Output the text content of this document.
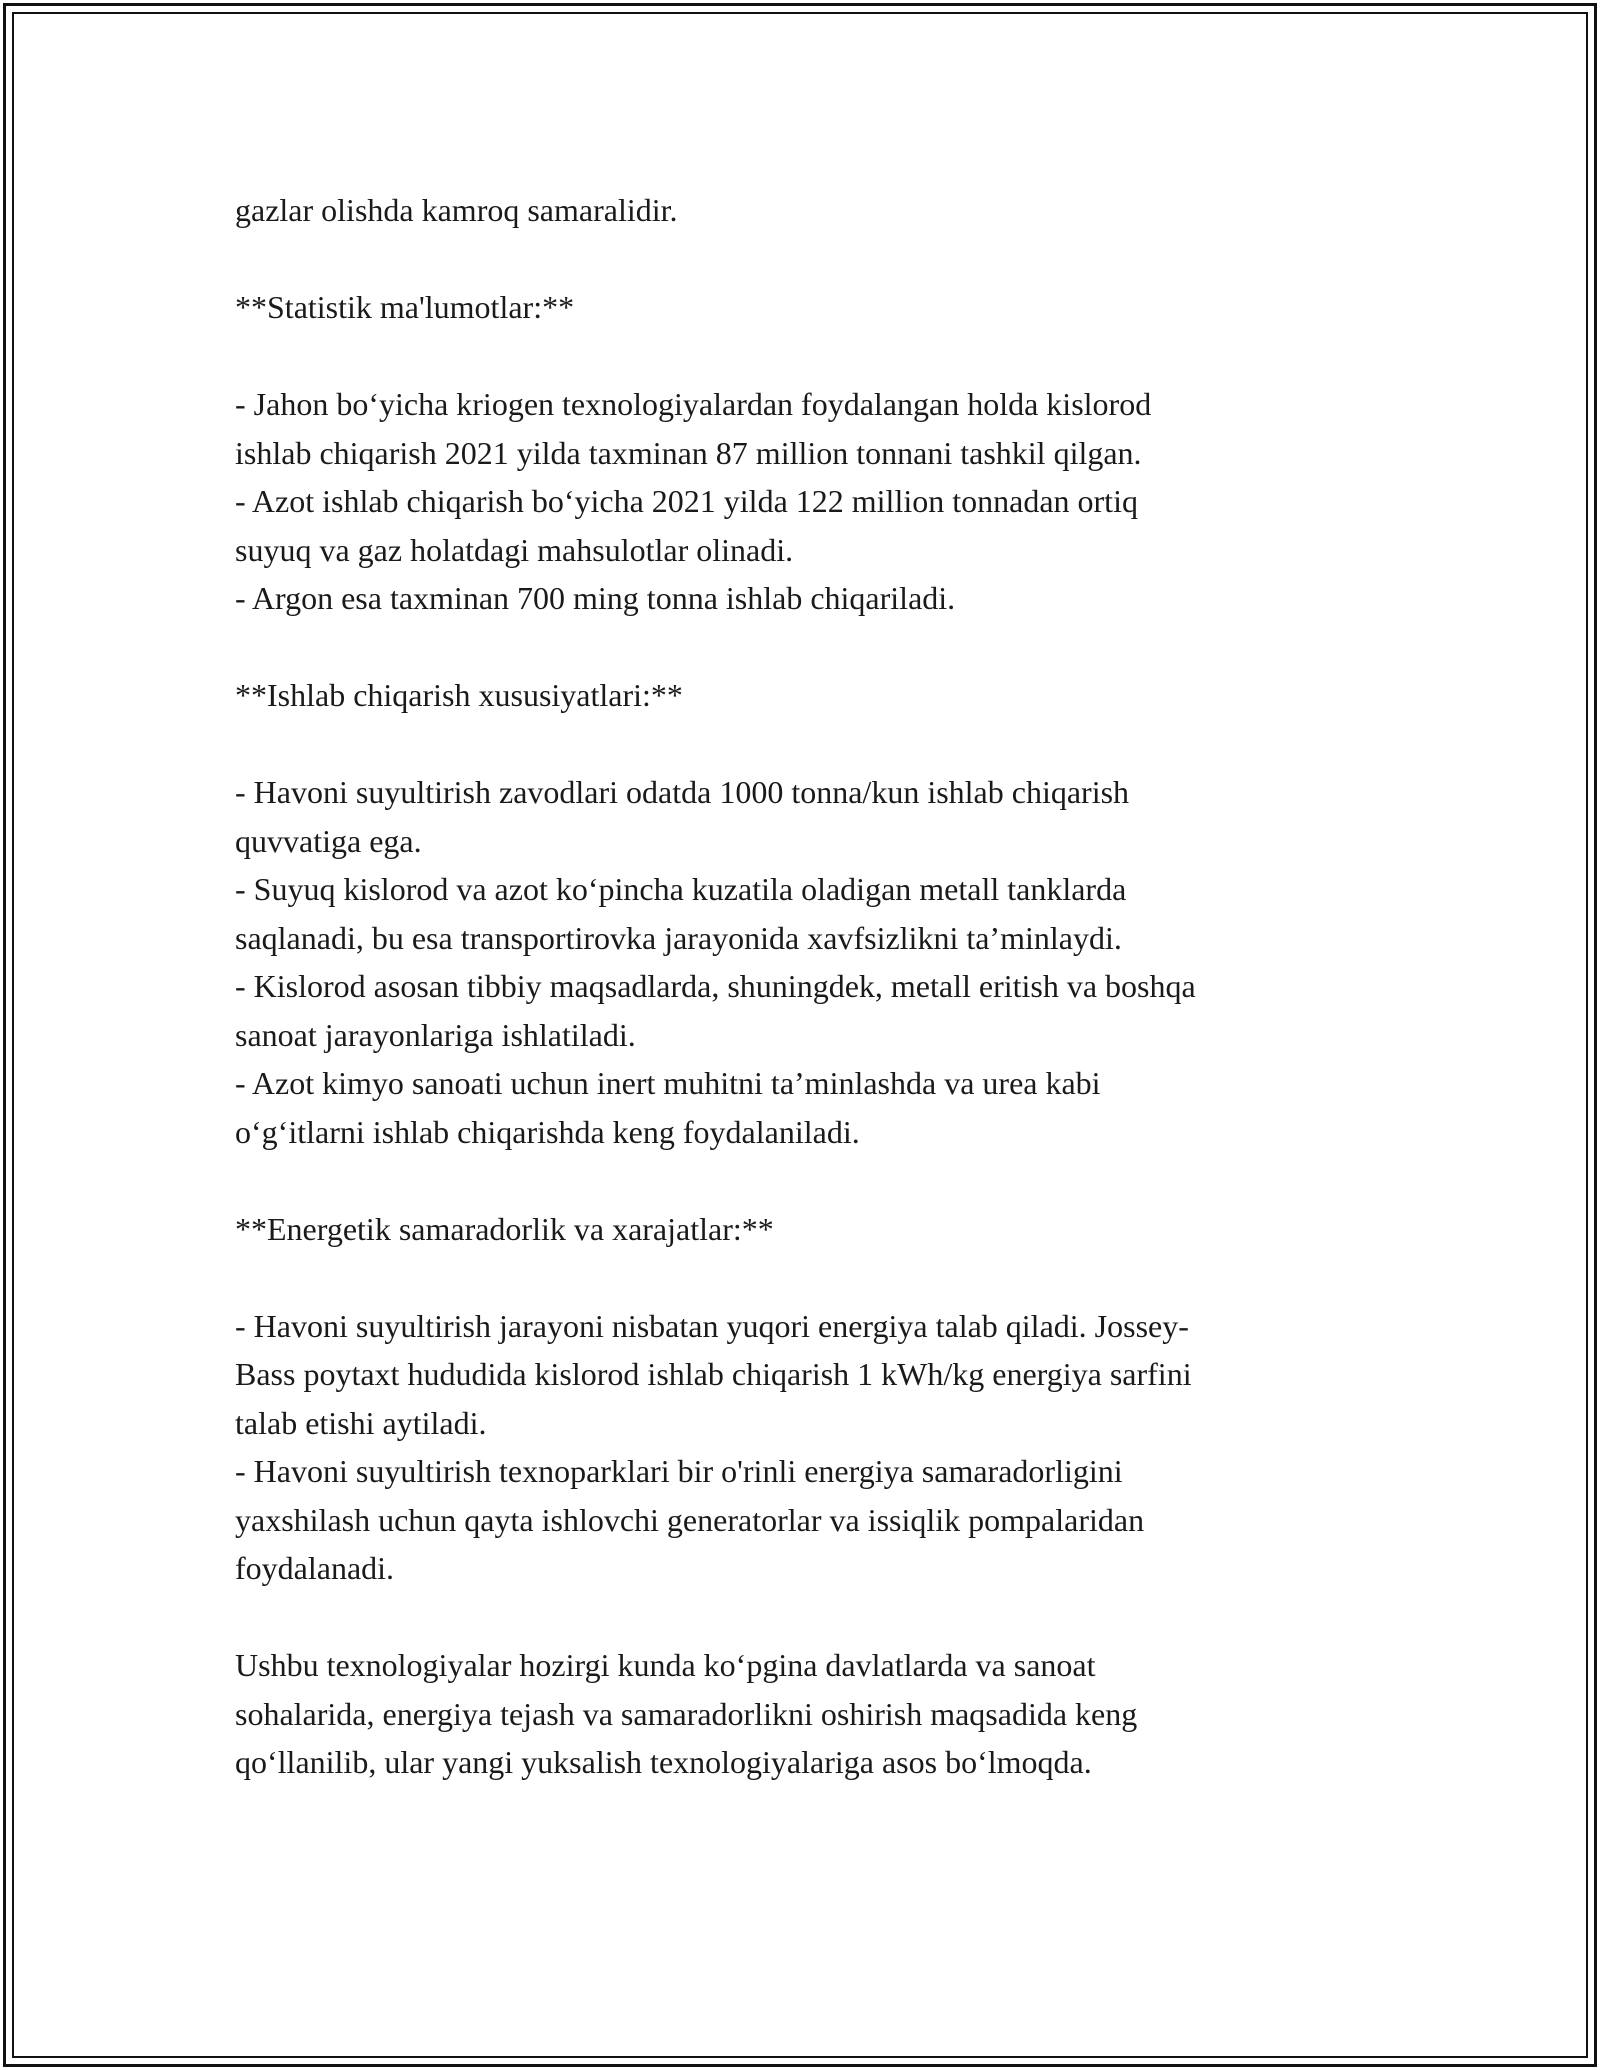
gazlar olishda kamroq samaralidir.

**Statistik ma'lumotlar:**

- Jahon bo‘yicha kriogen texnologiyalardan foydalangan holda kislorod
ishlab chiqarish 2021 yilda taxminan 87 million tonnani tashkil qilgan.

- Azot ishlab chiqarish bo‘yicha 2021 yilda 122 million tonnadan ortiq
suyuq va gaz holatdagi mahsulotlar olinadi.

- Argon esa taxminan 700 ming tonna ishlab chiqariladi.

**Ishlab chiqarish xususiyatlari:**

- Havoni suyultirish zavodlari odatda 1000 tonna/kun ishlab chiqarish
quvvatiga ega.

- Suyuq kislorod va azot ko‘pincha kuzatila oladigan metall tanklarda
saqlanadi, bu esa transportirovka jarayonida xavfsizlikni ta’minlaydi.

- Kislorod asosan tibbiy maqsadlarda, shuningdek, metall eritish va boshqa
sanoat jarayonlariga ishlatiladi.

- Azot kimyo sanoati uchun inert muhitni ta’minlashda va urea kabi
o‘g‘itlarni ishlab chiqarishda keng foydalaniladi.

**Energetik samaradorlik va xarajatlar:**

- Havoni suyultirish jarayoni nisbatan yuqori energiya talab qiladi. Jossey-
Bass poytaxt hududida kislorod ishlab chiqarish 1 kWh/kg energiya sarfini
talab etishi aytiladi.

- Havoni suyultirish texnoparklari bir o'rinli energiya samaradorligini
yaxshilash uchun qayta ishlovchi generatorlar va issiqlik pompalaridan
foydalanadi.

Ushbu texnologiyalar hozirgi kunda ko‘pgina davlatlarda va sanoat
sohalarida, energiya tejash va samaradorlikni oshirish maqsadida keng
qo‘llanilib, ular yangi yuksalish texnologiyalariga asos bo‘lmoqda.
